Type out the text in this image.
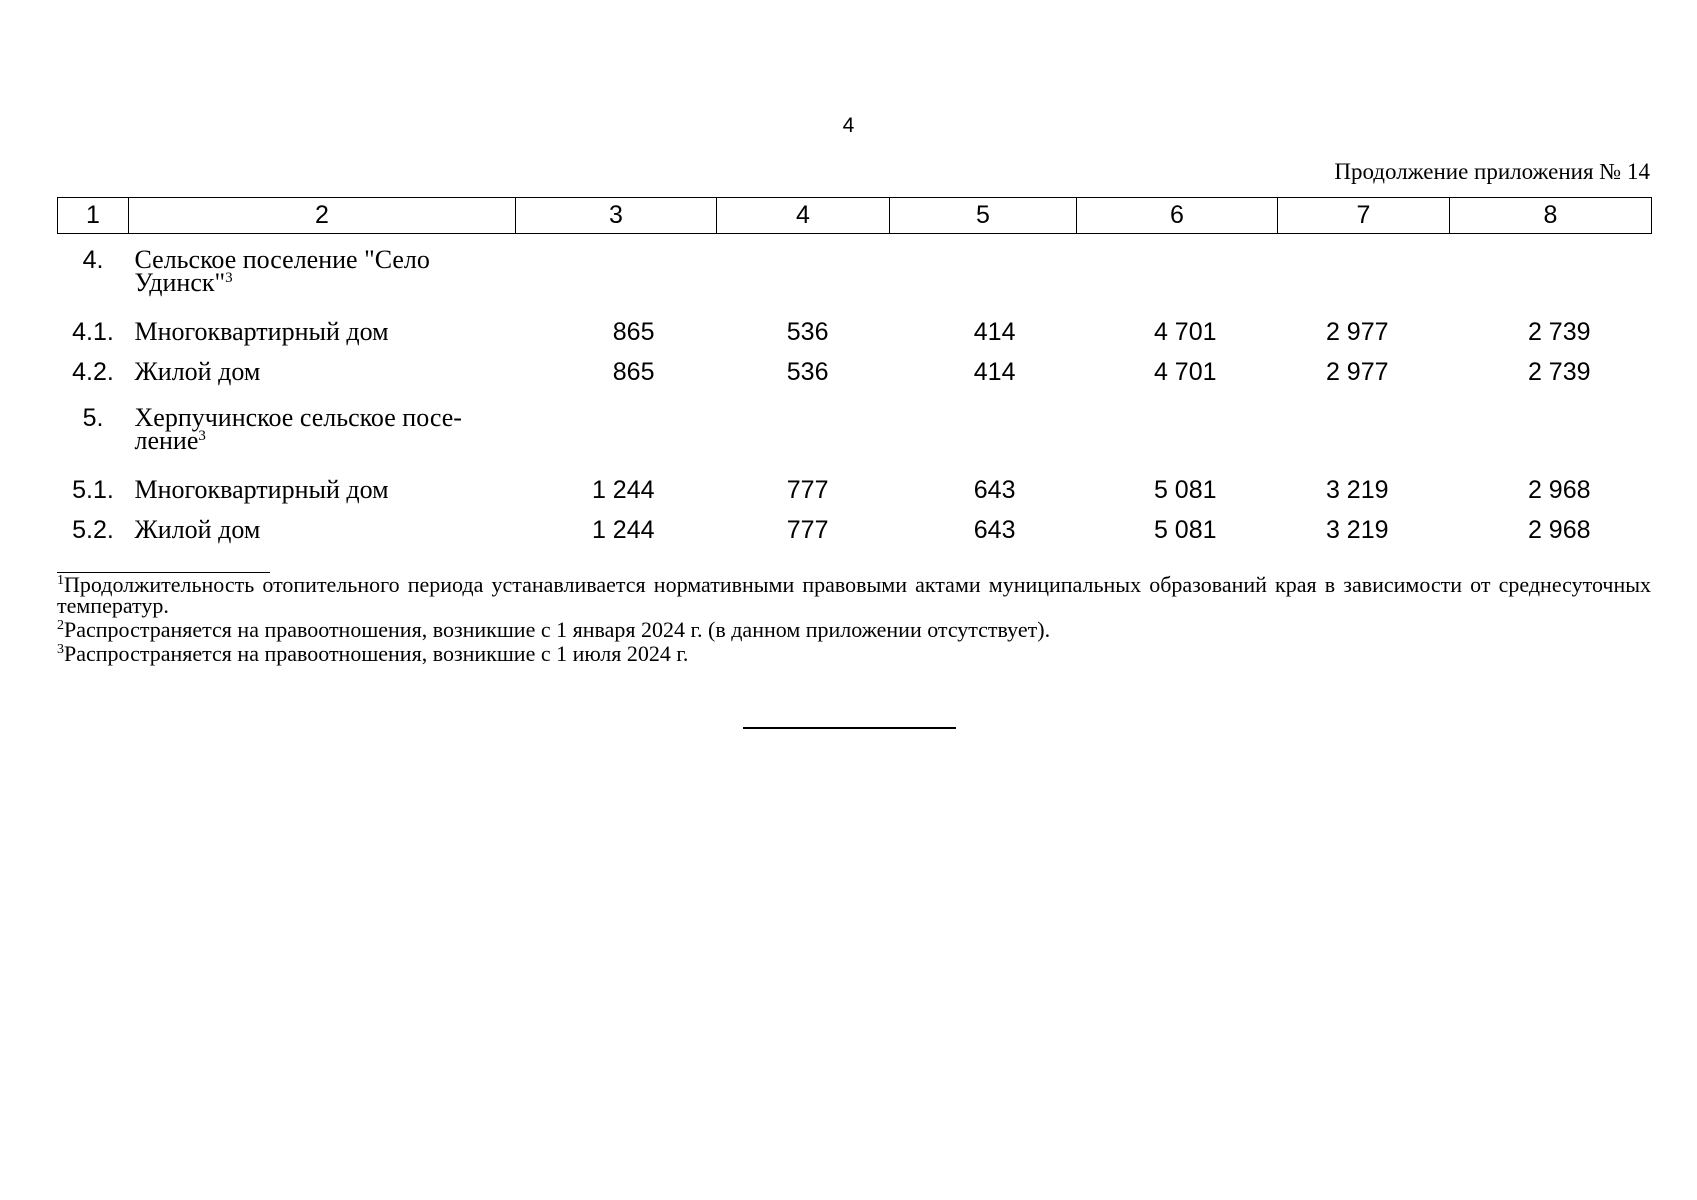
4
Продолжение приложения № 14
1	2	3	4	5	6	7	8
4.	Сельское поселение "Село Удинск"$^3$						
4.1.	Многоквартирный дом	865	536	414	4 701	2 977	2 739
4.2.	Жилой дом	865	536	414	4 701	2 977	2 739
5.	Херпучинское сельское посе-ление$^3$						
5.1.	Многоквартирный дом	1 244	777	643	5 081	3 219	2 968
5.2.	Жилой дом	1 244	777	643	5 081	3 219	2 968

$^1$Продолжительность отопительного периода устанавливается нормативными правовыми актами муниципальных образований края в зависимости от среднесуточных температур.

$^2$Распространяется на правоотношения, возникшие с 1 января 2024 г. (в данном приложении отсутствует).

$^3$Распространяется на правоотношения, возникшие с 1 июля 2024 г.
